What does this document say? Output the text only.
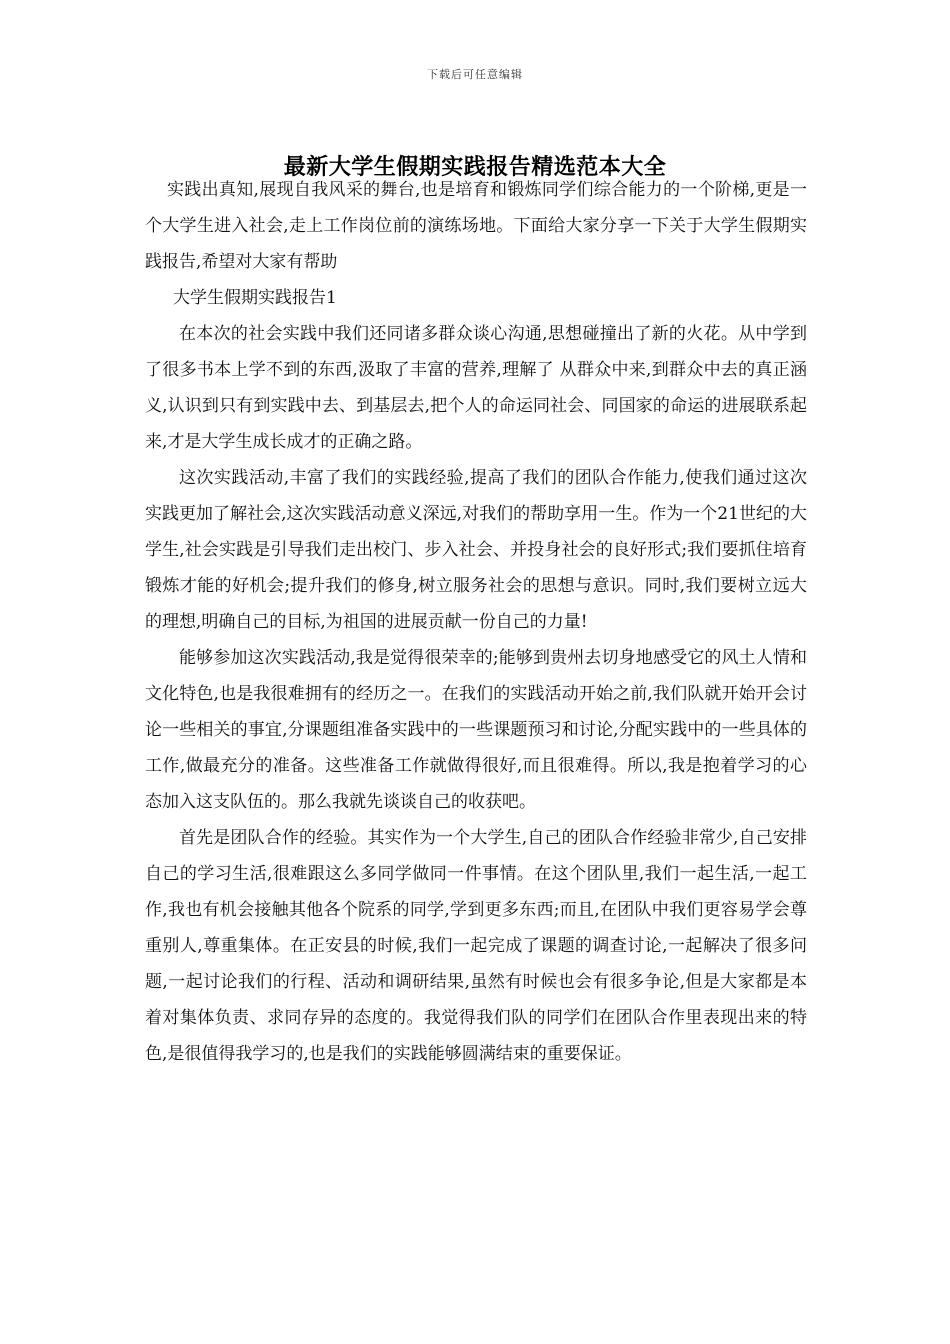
下载后可任意编辑
最新大学生假期实践报告精选范本大全

实践出真知,展现自我风采的舞台,也是培育和锻炼同学们综合能力的一个阶梯,更是一个大学生进入社会,走上工作岗位前的演练场地。下面给大家分享一下关于大学生假期实践报告,希望对大家有帮助

大学生假期实践报告1

在本次的社会实践中我们还同诸多群众谈心沟通,思想碰撞出了新的火花。从中学到了很多书本上学不到的东西,汲取了丰富的营养,理解了 从群众中来,到群众中去的真正涵义,认识到只有到实践中去、到基层去,把个人的命运同社会、同国家的命运的进展联系起来,才是大学生成长成才的正确之路。

这次实践活动,丰富了我们的实践经验,提高了我们的团队合作能力,使我们通过这次实践更加了解社会,这次实践活动意义深远,对我们的帮助享用一生。作为一个21世纪的大学生,社会实践是引导我们走出校门、步入社会、并投身社会的良好形式;我们要抓住培育锻炼才能的好机会;提升我们的修身,树立服务社会的思想与意识。同时,我们要树立远大的理想,明确自己的目标,为祖国的进展贡献一份自己的力量!

能够参加这次实践活动,我是觉得很荣幸的;能够到贵州去切身地感受它的风土人情和文化特色,也是我很难拥有的经历之一。在我们的实践活动开始之前,我们队就开始开会讨论一些相关的事宜,分课题组准备实践中的一些课题预习和讨论,分配实践中的一些具体的工作,做最充分的准备。这些准备工作就做得很好,而且很难得。所以,我是抱着学习的心态加入这支队伍的。那么我就先谈谈自己的收获吧。

首先是团队合作的经验。其实作为一个大学生,自己的团队合作经验非常少,自己安排自己的学习生活,很难跟这么多同学做同一件事情。在这个团队里,我们一起生活,一起工作,我也有机会接触其他各个院系的同学,学到更多东西;而且,在团队中我们更容易学会尊重别人,尊重集体。在正安县的时候,我们一起完成了课题的调查讨论,一起解决了很多问题,一起讨论我们的行程、活动和调研结果,虽然有时候也会有很多争论,但是大家都是本着对集体负责、求同存异的态度的。我觉得我们队的同学们在团队合作里表现出来的特色,是很值得我学习的,也是我们的实践能够圆满结束的重要保证。
